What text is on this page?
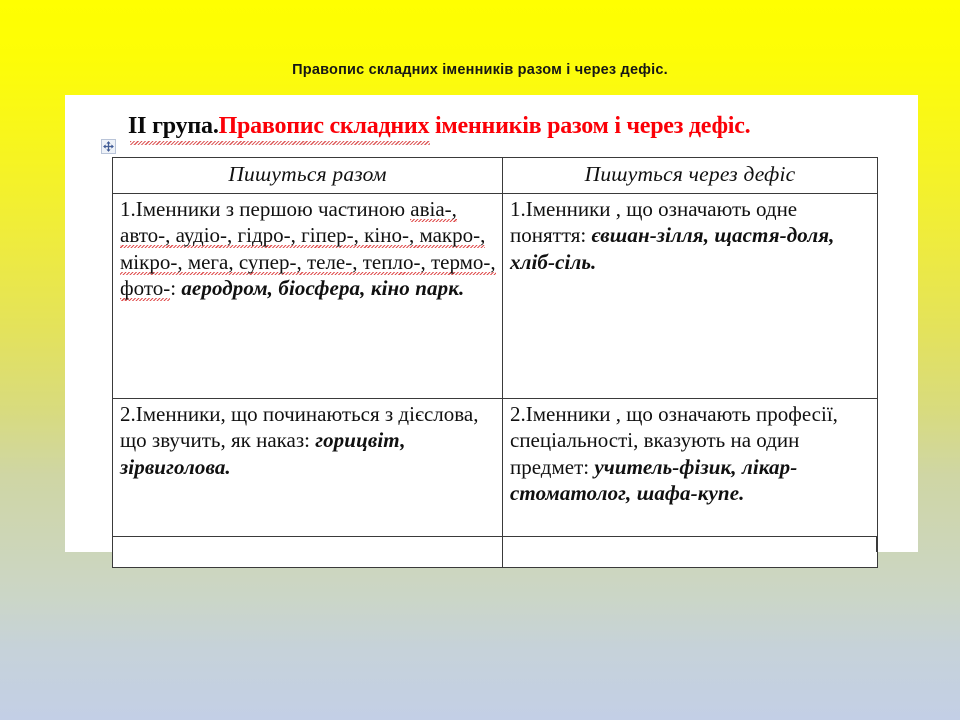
Правопис складних іменників разом і через дефіс.
II група.Правопис складних іменників разом і через дефіс.
Пишуться разом	Пишуться через дефіс
1.Іменники з першою частиною авіа-, авто-, аудіо-, гідро-, гіпер-, кіно-, макро-, мікро-, мега, супер-, теле-, тепло-, термо-, фото-: аеродром, біосфера, кіно парк.	1.Іменники , що означають одне поняття: євшан-зілля, щастя-доля, хліб-сіль.
2.Іменники, що починаються з дієслова, що звучить, як наказ: горицвіт, зірвиголова.	2.Іменники , що означають професії, спеціальності, вказують на один предмет: учитель-фізик, лікар-стоматолог, шафа-купе.
